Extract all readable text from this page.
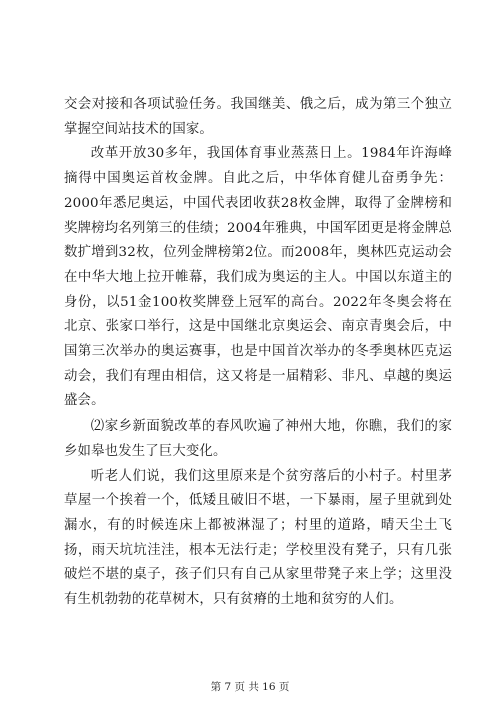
交会对接和各项试验任务。我国继美、俄之后，成为第三个独立掌握空间站技术的国家。

改革开放30多年，我国体育事业蒸蒸日上。1984年许海峰摘得中国奥运首枚金牌。自此之后，中华体育健儿奋勇争先：2000年悉尼奥运，中国代表团收获28枚金牌，取得了金牌榜和奖牌榜均名列第三的佳绩；2004年雅典，中国军团更是将金牌总数扩增到32枚，位列金牌榜第2位。而2008年，奥林匹克运动会在中华大地上拉开帷幕，我们成为奥运的主人。中国以东道主的身份，以51金100枚奖牌登上冠军的高台。2022年冬奥会将在北京、张家口举行，这是中国继北京奥运会、南京青奥会后，中国第三次举办的奥运赛事，也是中国首次举办的冬季奥林匹克运动会，我们有理由相信，这又将是一届精彩、非凡、卓越的奥运盛会。

⑵家乡新面貌改革的春风吹遍了神州大地，你瞧，我们的家乡如皋也发生了巨大变化。

听老人们说，我们这里原来是个贫穷落后的小村子。村里茅草屋一个挨着一个，低矮且破旧不堪，一下暴雨，屋子里就到处漏水，有的时候连床上都被淋湿了；村里的道路，晴天尘土飞扬，雨天坑坑洼洼，根本无法行走；学校里没有凳子，只有几张破烂不堪的桌子，孩子们只有自己从家里带凳子来上学；这里没有生机勃勃的花草树木，只有贫瘠的土地和贫穷的人们。

第 7 页 共 16 页
